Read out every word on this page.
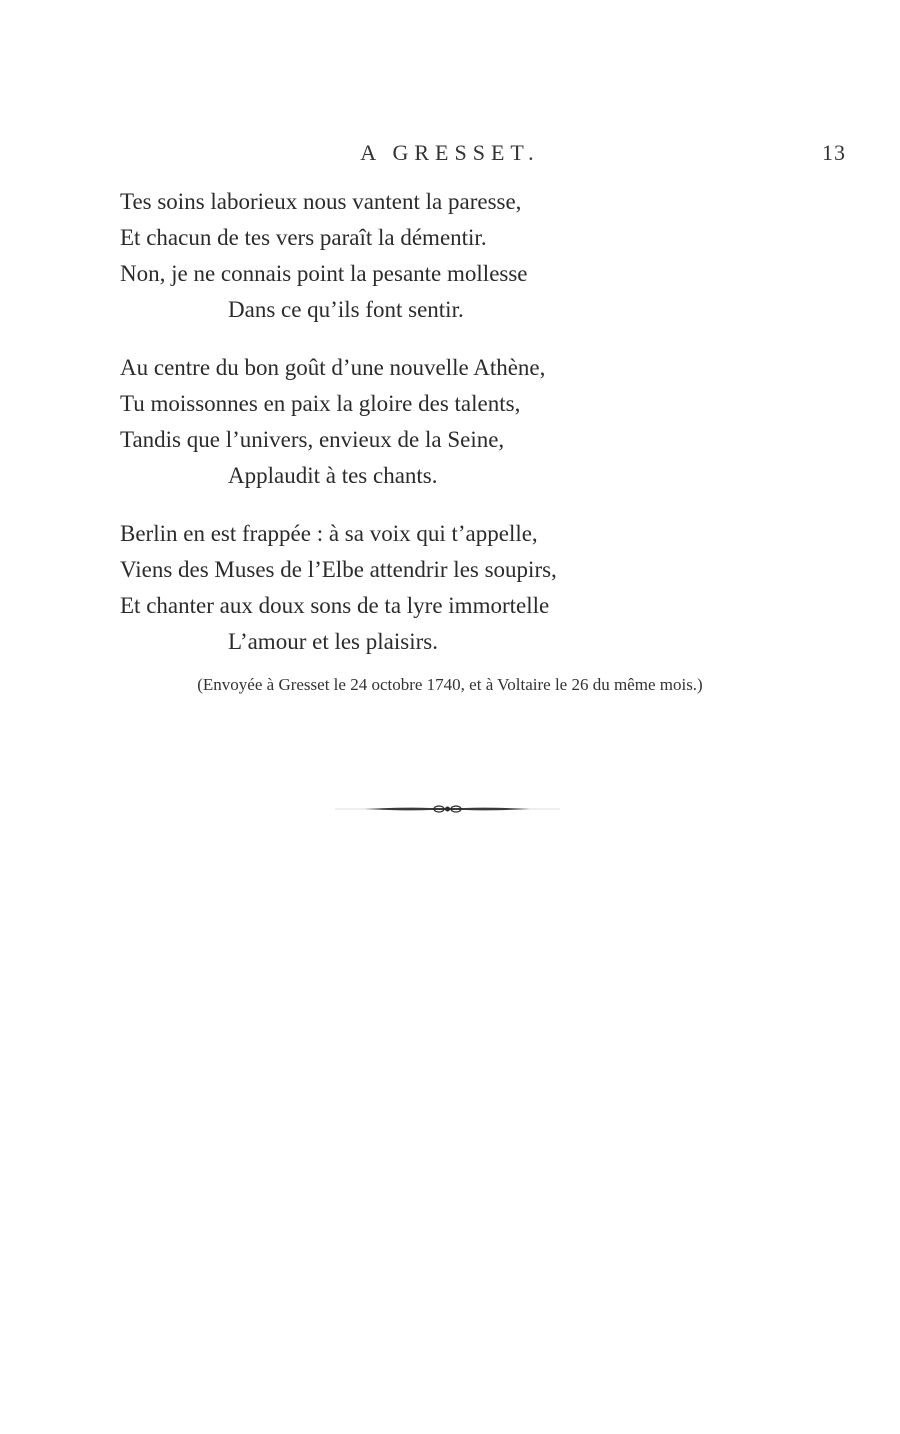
A GRESSET.	13
Tes soins laborieux nous vantent la paresse,
Et chacun de tes vers paraît la démentir.
Non, je ne connais point la pesante mollesse
Dans ce qu’ils font sentir.
Au centre du bon goût d’une nouvelle Athène,
Tu moissonnes en paix la gloire des talents,
Tandis que l’univers, envieux de la Seine,
Applaudit à tes chants.
Berlin en est frappée : à sa voix qui t’appelle,
Viens des Muses de l’Elbe attendrir les soupirs,
Et chanter aux doux sons de ta lyre immortelle
L’amour et les plaisirs.
(Envoyée à Gresset le 24 octobre 1740, et à Voltaire le 26 du même mois.)
